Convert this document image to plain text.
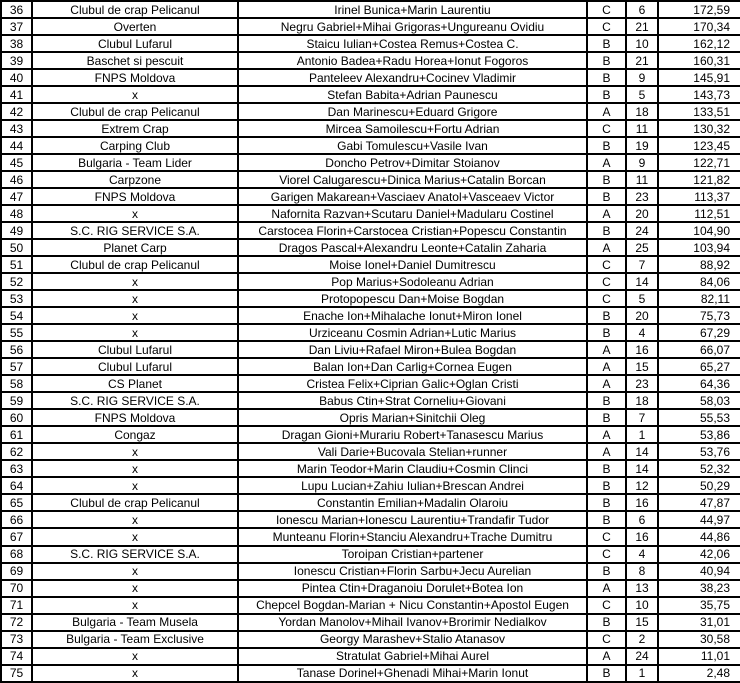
36	Clubul de crap Pelicanul	Irinel Bunica+Marin Laurentiu	C	6	172,59
37	Overten	Negru Gabriel+Mihai Grigoras+Ungureanu Ovidiu	C	21	170,34
38	Clubul Lufarul	Staicu Iulian+Costea Remus+Costea C.	B	10	162,12
39	Baschet si pescuit	Antonio Badea+Radu Horea+Ionut Fogoros	B	21	160,31
40	FNPS Moldova	Panteleev Alexandru+Cocinev Vladimir	B	9	145,91
41	x	Stefan Babita+Adrian Paunescu	B	5	143,73
42	Clubul de crap Pelicanul	Dan Marinescu+Eduard Grigore	A	18	133,51
43	Extrem Crap	Mircea Samoilescu+Fortu Adrian	C	11	130,32
44	Carping Club	Gabi Tomulescu+Vasile Ivan	B	19	123,45
45	Bulgaria - Team Lider	Doncho Petrov+Dimitar Stoianov	A	9	122,71
46	Carpzone	Viorel Calugarescu+Dinica Marius+Catalin Borcan	B	11	121,82
47	FNPS Moldova	Garigen Makarean+Vasciaev Anatol+Vasceaev Victor	B	23	113,37
48	x	Nafornita Razvan+Scutaru Daniel+Madularu Costinel	A	20	112,51
49	S.C. RIG SERVICE S.A.	Carstocea Florin+Carstocea Cristian+Popescu Constantin	B	24	104,90
50	Planet Carp	Dragos Pascal+Alexandru Leonte+Catalin Zaharia	A	25	103,94
51	Clubul de crap Pelicanul	Moise Ionel+Daniel Dumitrescu	C	7	88,92
52	x	Pop Marius+Sodoleanu Adrian	C	14	84,06
53	x	Protopopescu Dan+Moise Bogdan	C	5	82,11
54	x	Enache Ion+Mihalache Ionut+Miron Ionel	B	20	75,73
55	x	Urziceanu Cosmin Adrian+Lutic Marius	B	4	67,29
56	Clubul Lufarul	Dan Liviu+Rafael Miron+Bulea Bogdan	A	16	66,07
57	Clubul Lufarul	Balan Ion+Dan Carlig+Cornea Eugen	A	15	65,27
58	CS Planet	Cristea Felix+Ciprian Galic+Oglan Cristi	A	23	64,36
59	S.C. RIG SERVICE S.A.	Babus Ctin+Strat Corneliu+Giovani	B	18	58,03
60	FNPS Moldova	Opris Marian+Sinitchii Oleg	B	7	55,53
61	Congaz	Dragan Gioni+Murariu Robert+Tanasescu Marius	A	1	53,86
62	x	Vali Darie+Bucovala Stelian+runner	A	14	53,76
63	x	Marin Teodor+Marin Claudiu+Cosmin Clinci	B	14	52,32
64	x	Lupu Lucian+Zahiu Iulian+Brescan Andrei	B	12	50,29
65	Clubul de crap Pelicanul	Constantin Emilian+Madalin Olaroiu	B	16	47,87
66	x	Ionescu Marian+Ionescu Laurentiu+Trandafir Tudor	B	6	44,97
67	x	Munteanu Florin+Stanciu Alexandru+Trache Dumitru	C	16	44,86
68	S.C. RIG SERVICE S.A.	Toroipan Cristian+partener	C	4	42,06
69	x	Ionescu Cristian+Florin Sarbu+Jecu Aurelian	B	8	40,94
70	x	Pintea Ctin+Draganoiu Dorulet+Botea Ion	A	13	38,23
71	x	Chepcel Bogdan-Marian + Nicu Constantin+Apostol Eugen	C	10	35,75
72	Bulgaria - Team Musela	Yordan Manolov+Mihail Ivanov+Brorimir Nedialkov	B	15	31,01
73	Bulgaria - Team Exclusive	Georgy Marashev+Stalio Atanasov	C	2	30,58
74	x	Stratulat Gabriel+Mihai Aurel	A	24	11,01
75	x	Tanase Dorinel+Ghenadi Mihai+Marin Ionut	B	1	2,48
